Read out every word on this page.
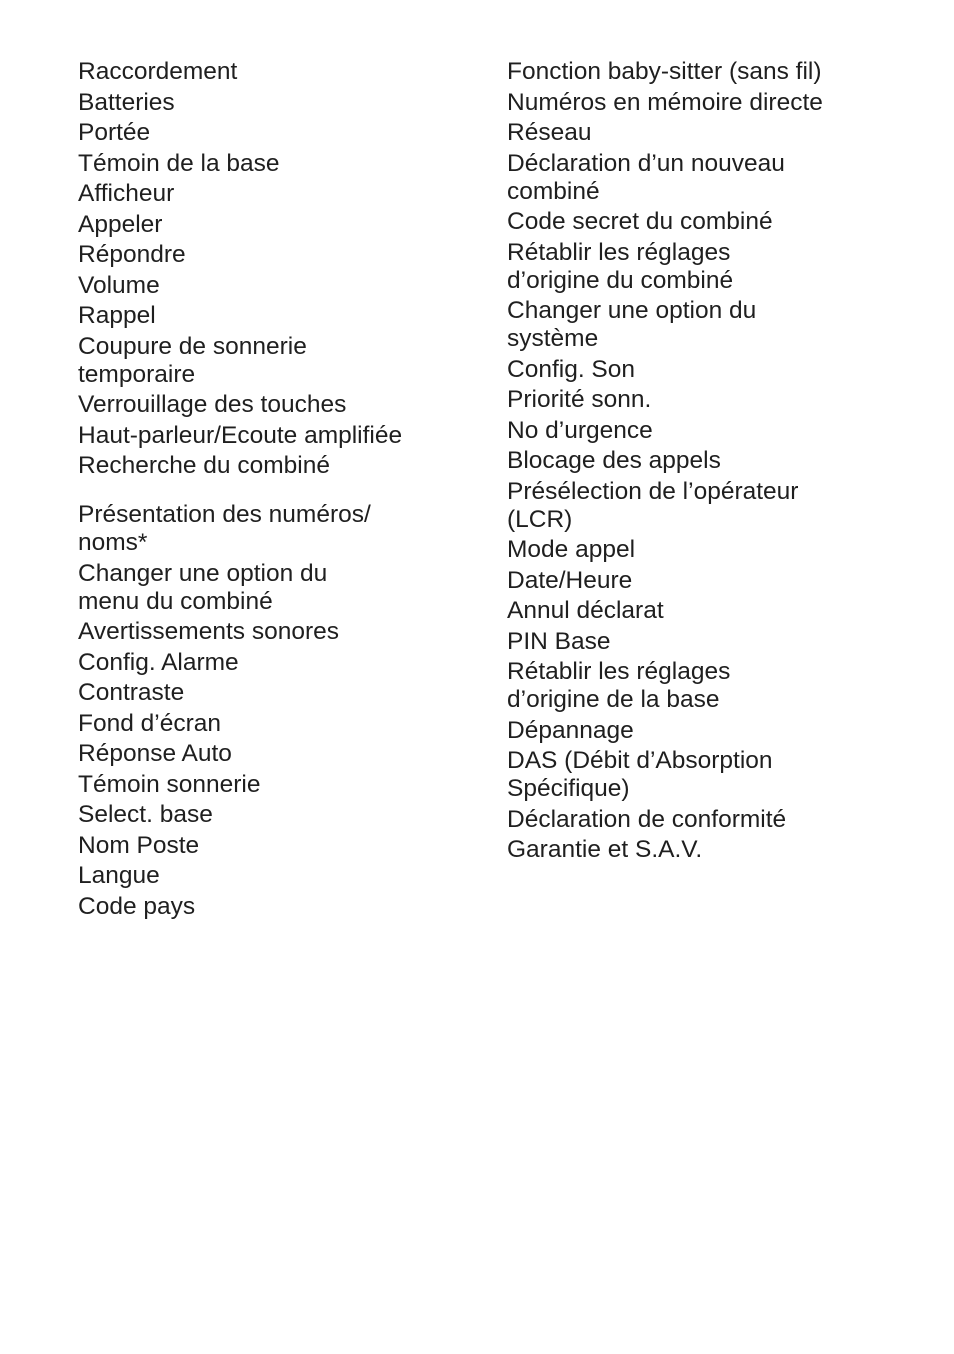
Raccordement
Batteries
Portée
Témoin de la base
Afficheur
Appeler
Répondre
Volume
Rappel
Coupure de sonnerie
temporaire
Verrouillage des touches
Haut-parleur/Ecoute amplifiée
Recherche du combiné
Présentation des numéros/
noms*
Changer une option du
menu du combiné
Avertissements sonores
Config. Alarme
Contraste
Fond d’écran
Réponse Auto
Témoin sonnerie
Select. base
Nom Poste
Langue
Code pays
Fonction baby-sitter (sans fil)
Numéros en mémoire directe
Réseau
Déclaration d’un nouveau
combiné
Code secret du combiné
Rétablir les réglages
d’origine du combiné
Changer une option du
système
Config. Son
Priorité sonn.
No d’urgence
Blocage des appels
Présélection de l’opérateur
(LCR)
Mode appel
Date/Heure
Annul déclarat
PIN Base
Rétablir les réglages
d’origine de la base
Dépannage
DAS (Débit d’Absorption
Spécifique)
Déclaration de conformité
Garantie et S.A.V.
